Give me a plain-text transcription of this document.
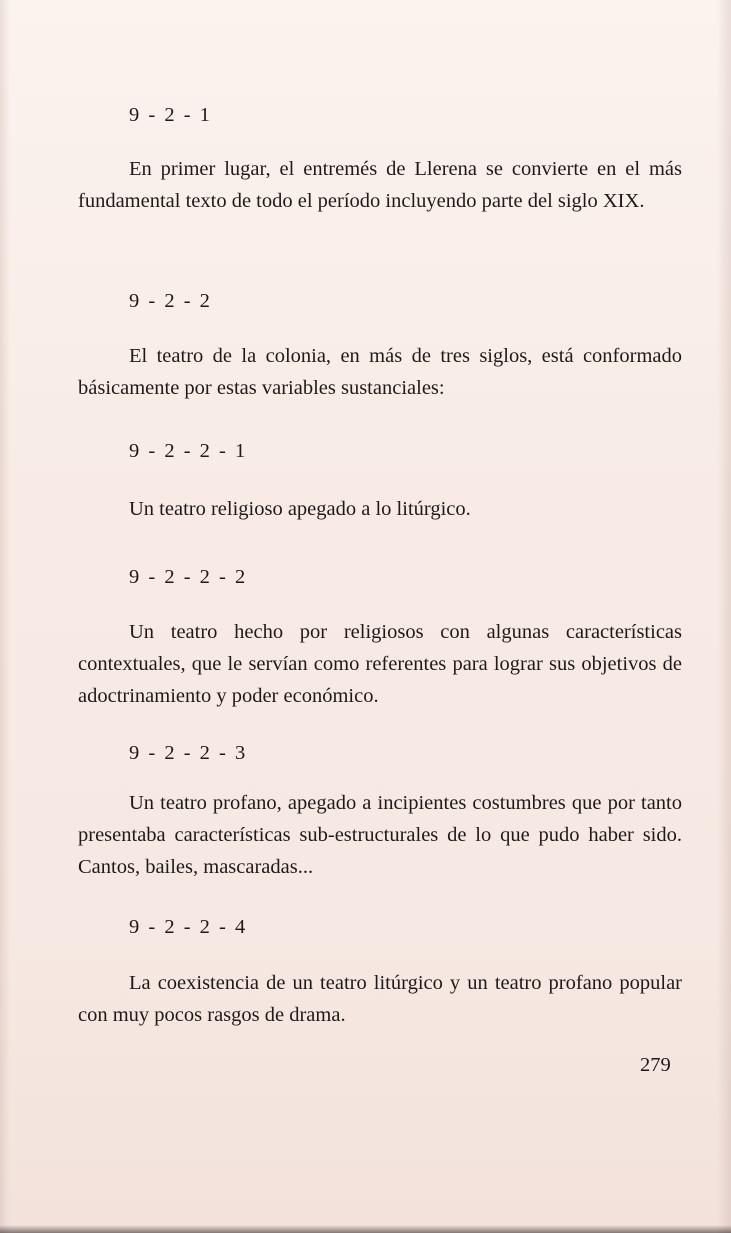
9 - 2 - 1

En primer lugar, el entremés de Llerena se convierte en el más fundamental texto de todo el período incluyendo parte del siglo XIX.

9 - 2 - 2

El teatro de la colonia, en más de tres siglos, está conformado básicamente por estas variables sustanciales:

9 - 2 - 2 - 1

Un teatro religioso apegado a lo litúrgico.

9 - 2 - 2 - 2

Un teatro hecho por religiosos con algunas características contextuales, que le servían como referentes para lograr sus objetivos de adoctrinamiento y poder económico.

9 - 2 - 2 - 3

Un teatro profano, apegado a incipientes costumbres que por tanto presentaba características sub-estructurales de lo que pudo haber sido. Cantos, bailes, mascaradas...

9 - 2 - 2 - 4

La coexistencia de un teatro litúrgico y un teatro profano popular con muy pocos rasgos de drama.

279
